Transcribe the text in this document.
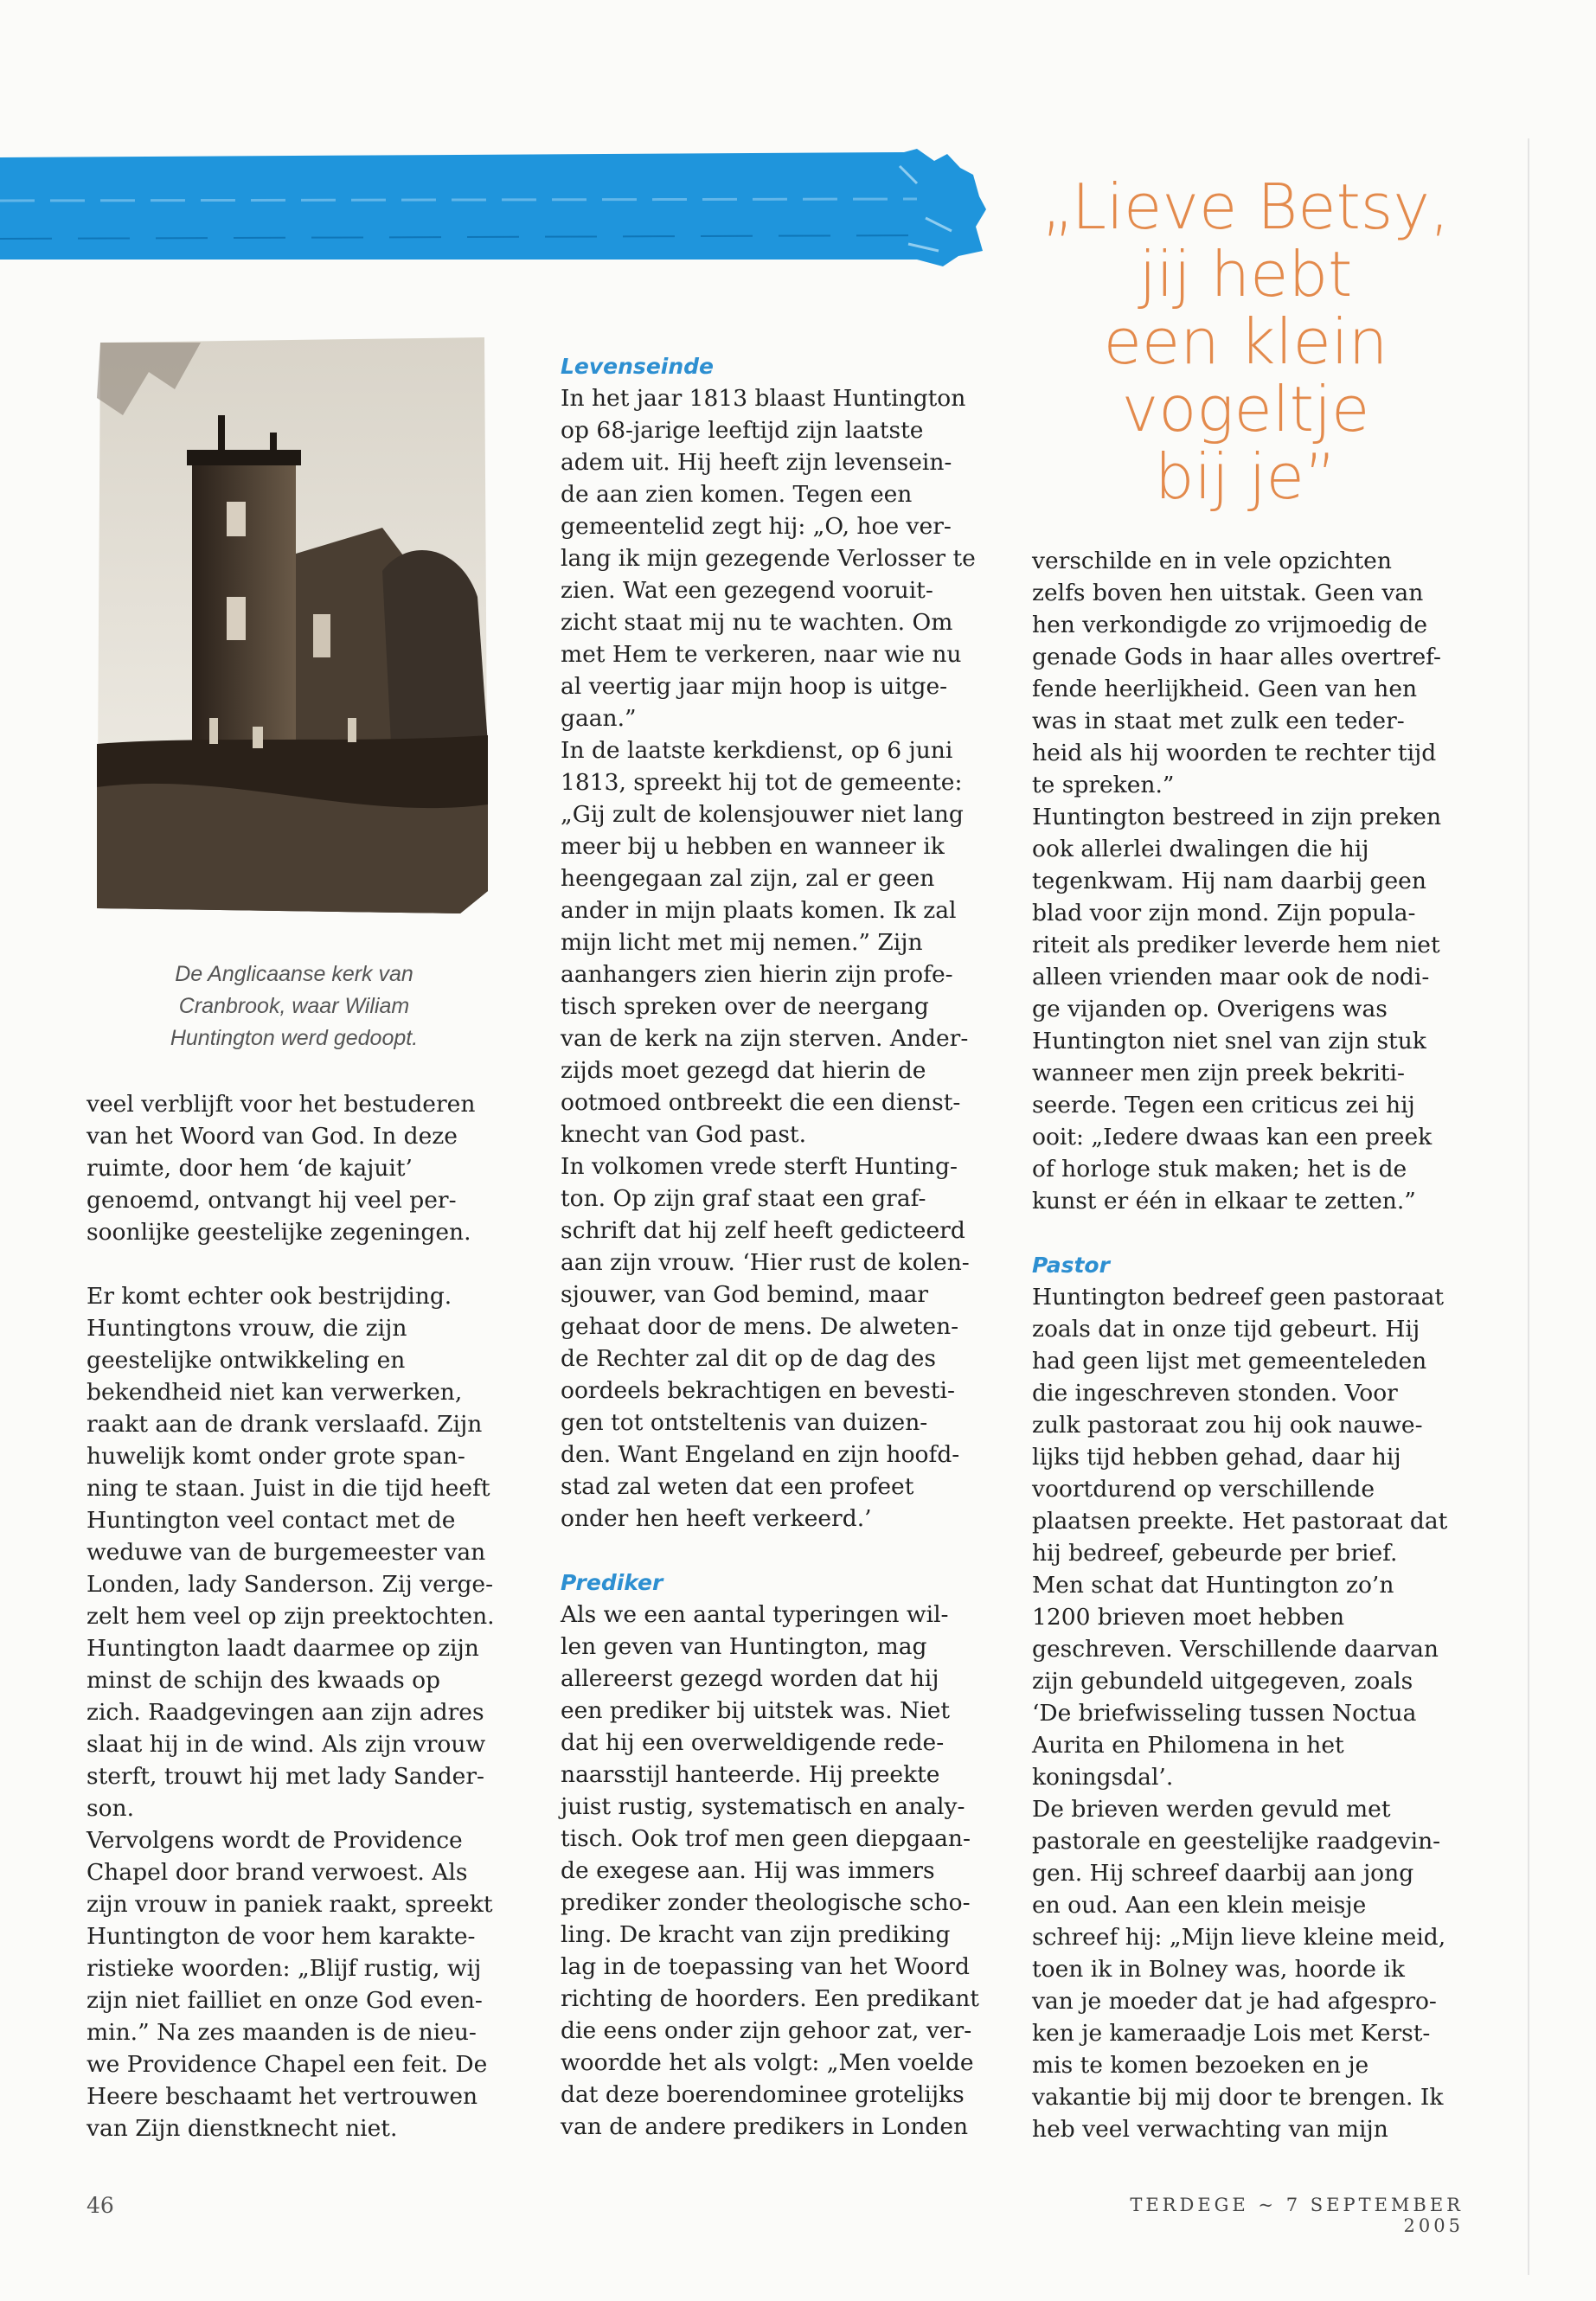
„Lieve Betsy,
jij hebt
een klein
vogeltje
bij je”
De Anglicaanse kerk van
Cranbrook, waar Wiliam
Huntington werd gedoopt.

veel verblijft voor het bestuderen
van het Woord van God. In deze
ruimte, door hem ‘de kajuit’
genoemd, ontvangt hij veel per-
soonlijke geestelijke zegeningen.

Er komt echter ook bestrijding.
Huntingtons vrouw, die zijn
geestelijke ontwikkeling en
bekendheid niet kan verwerken,
raakt aan de drank verslaafd. Zijn
huwelijk komt onder grote span-
ning te staan. Juist in die tijd heeft
Huntington veel contact met de
weduwe van de burgemeester van
Londen, lady Sanderson. Zij verge-
zelt hem veel op zijn preektochten.
Huntington laadt daarmee op zijn
minst de schijn des kwaads op
zich. Raadgevingen aan zijn adres
slaat hij in de wind. Als zijn vrouw
sterft, trouwt hij met lady Sander-
son.

Vervolgens wordt de Providence
Chapel door brand verwoest. Als
zijn vrouw in paniek raakt, spreekt
Huntington de voor hem karakte-
ristieke woorden: „Blijf rustig, wij
zijn niet failliet en onze God even-
min.” Na zes maanden is de nieu-
we Providence Chapel een feit. De
Heere beschaamt het vertrouwen
van Zijn dienstknecht niet.

Levenseinde

In het jaar 1813 blaast Huntington
op 68-jarige leeftijd zijn laatste
adem uit. Hij heeft zijn levensein-
de aan zien komen. Tegen een
gemeentelid zegt hij: „O, hoe ver-
lang ik mijn gezegende Verlosser te
zien. Wat een gezegend vooruit-
zicht staat mij nu te wachten. Om
met Hem te verkeren, naar wie nu
al veertig jaar mijn hoop is uitge-
gaan.”

In de laatste kerkdienst, op 6 juni
1813, spreekt hij tot de gemeente:
„Gij zult de kolensjouwer niet lang
meer bij u hebben en wanneer ik
heengegaan zal zijn, zal er geen
ander in mijn plaats komen. Ik zal
mijn licht met mij nemen.” Zijn
aanhangers zien hierin zijn profe-
tisch spreken over de neergang
van de kerk na zijn sterven. Ander-
zijds moet gezegd dat hierin de
ootmoed ontbreekt die een dienst-
knecht van God past.

In volkomen vrede sterft Hunting-
ton. Op zijn graf staat een graf-
schrift dat hij zelf heeft gedicteerd
aan zijn vrouw. ‘Hier rust de kolen-
sjouwer, van God bemind, maar
gehaat door de mens. De alweten-
de Rechter zal dit op de dag des
oordeels bekrachtigen en bevesti-
gen tot ontsteltenis van duizen-
den. Want Engeland en zijn hoofd-
stad zal weten dat een profeet
onder hen heeft verkeerd.’

Prediker

Als we een aantal typeringen wil-
len geven van Huntington, mag
allereerst gezegd worden dat hij
een prediker bij uitstek was. Niet
dat hij een overweldigende rede-
naarsstijl hanteerde. Hij preekte
juist rustig, systematisch en analy-
tisch. Ook trof men geen diepgaan-
de exegese aan. Hij was immers
prediker zonder theologische scho-
ling. De kracht van zijn prediking
lag in de toepassing van het Woord
richting de hoorders. Een predikant
die eens onder zijn gehoor zat, ver-
woordde het als volgt: „Men voelde
dat deze boerendominee grotelijks
van de andere predikers in Londen

verschilde en in vele opzichten
zelfs boven hen uitstak. Geen van
hen verkondigde zo vrijmoedig de
genade Gods in haar alles overtref-
fende heerlijkheid. Geen van hen
was in staat met zulk een teder-
heid als hij woorden te rechter tijd
te spreken.”

Huntington bestreed in zijn preken
ook allerlei dwalingen die hij
tegenkwam. Hij nam daarbij geen
blad voor zijn mond. Zijn popula-
riteit als prediker leverde hem niet
alleen vrienden maar ook de nodi-
ge vijanden op. Overigens was
Huntington niet snel van zijn stuk
wanneer men zijn preek bekriti-
seerde. Tegen een criticus zei hij
ooit: „Iedere dwaas kan een preek
of horloge stuk maken; het is de
kunst er één in elkaar te zetten.”

Pastor

Huntington bedreef geen pastoraat
zoals dat in onze tijd gebeurt. Hij
had geen lijst met gemeenteleden
die ingeschreven stonden. Voor
zulk pastoraat zou hij ook nauwe-
lijks tijd hebben gehad, daar hij
voortdurend op verschillende
plaatsen preekte. Het pastoraat dat
hij bedreef, gebeurde per brief.
Men schat dat Huntington zo’n
1200 brieven moet hebben
geschreven. Verschillende daarvan
zijn gebundeld uitgegeven, zoals
‘De briefwisseling tussen Noctua
Aurita en Philomena in het
koningsdal’.

De brieven werden gevuld met
pastorale en geestelijke raadgevin-
gen. Hij schreef daarbij aan jong
en oud. Aan een klein meisje
schreef hij: „Mijn lieve kleine meid,
toen ik in Bolney was, hoorde ik
van je moeder dat je had afgespro-
ken je kameraadje Lois met Kerst-
mis te komen bezoeken en je
vakantie bij mij door te brengen. Ik
heb veel verwachting van mijn

46	TERDEGE ~ 7 SEPTEMBER 2005
